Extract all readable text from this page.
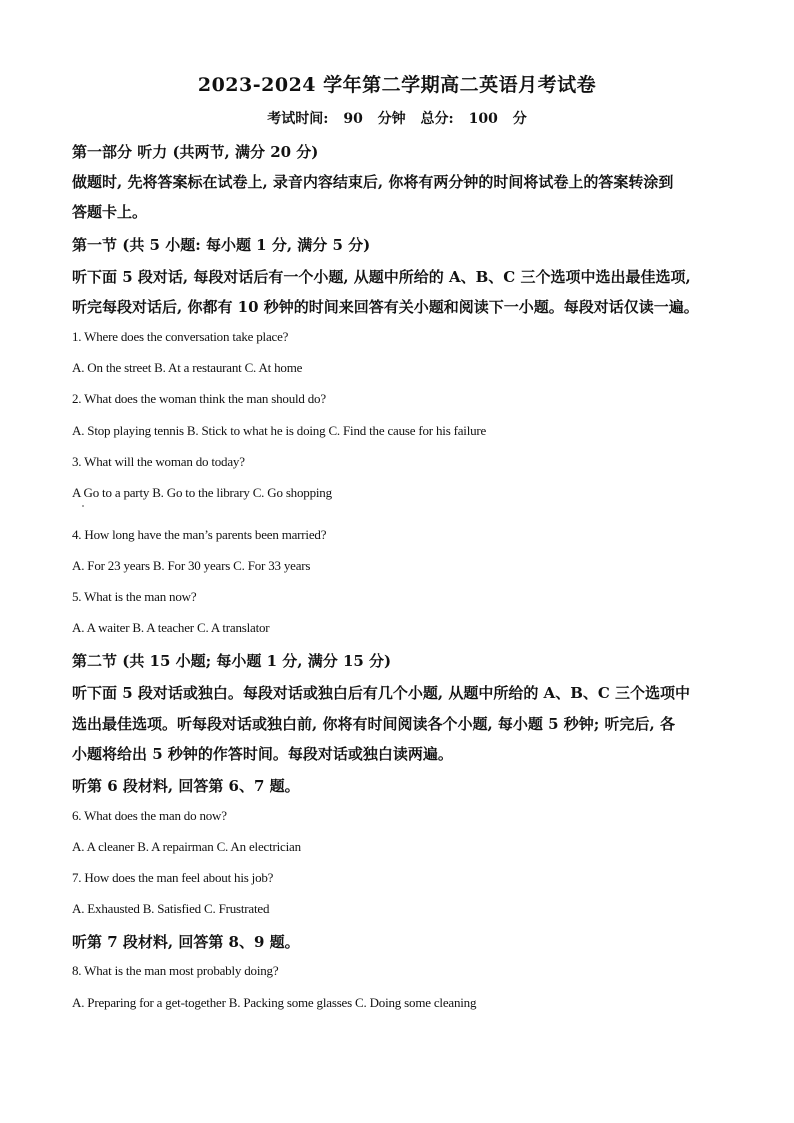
2023-2024 学年第二学期高二英语月考试卷
考试时间: 90 分钟 总分: 100 分
第一部分 听力 (共两节, 满分 20 分)
做题时, 先将答案标在试卷上, 录音内容结束后, 你将有两分钟的时间将试卷上的答案转涂到
答题卡上。
第一节 (共 5 小题: 每小题 1 分, 满分 5 分)
听下面 5 段对话, 每段对话后有一个小题, 从题中所给的 A、B、C 三个选项中选出最佳选项,
听完每段对话后, 你都有 10 秒钟的时间来回答有关小题和阅读下一小题。每段对话仅读一遍。
1. Where does the conversation take place?
A. On the street B. At a restaurant C. At home
2. What does the woman think the man should do?
A. Stop playing tennis B. Stick to what he is doing C. Find the cause for his failure
3. What will the woman do today?
A Go to a party B. Go to the library C. Go shopping
4. How long have the man’s parents been married?
A. For 23 years B. For 30 years C. For 33 years
5. What is the man now?
A. A waiter B. A teacher C. A translator
第二节 (共 15 小题; 每小题 1 分, 满分 15 分)
听下面 5 段对话或独白。每段对话或独白后有几个小题, 从题中所给的 A、B、C 三个选项中
选出最佳选项。听每段对话或独白前, 你将有时间阅读各个小题, 每小题 5 秒钟; 听完后, 各
小题将给出 5 秒钟的作答时间。每段对话或独白读两遍。
听第 6 段材料, 回答第 6、7 题。
6. What does the man do now?
A. A cleaner B. A repairman C. An electrician
7. How does the man feel about his job?
A. Exhausted B. Satisfied C. Frustrated
听第 7 段材料, 回答第 8、9 题。
8. What is the man most probably doing?
A. Preparing for a get-together B. Packing some glasses C. Doing some cleaning
